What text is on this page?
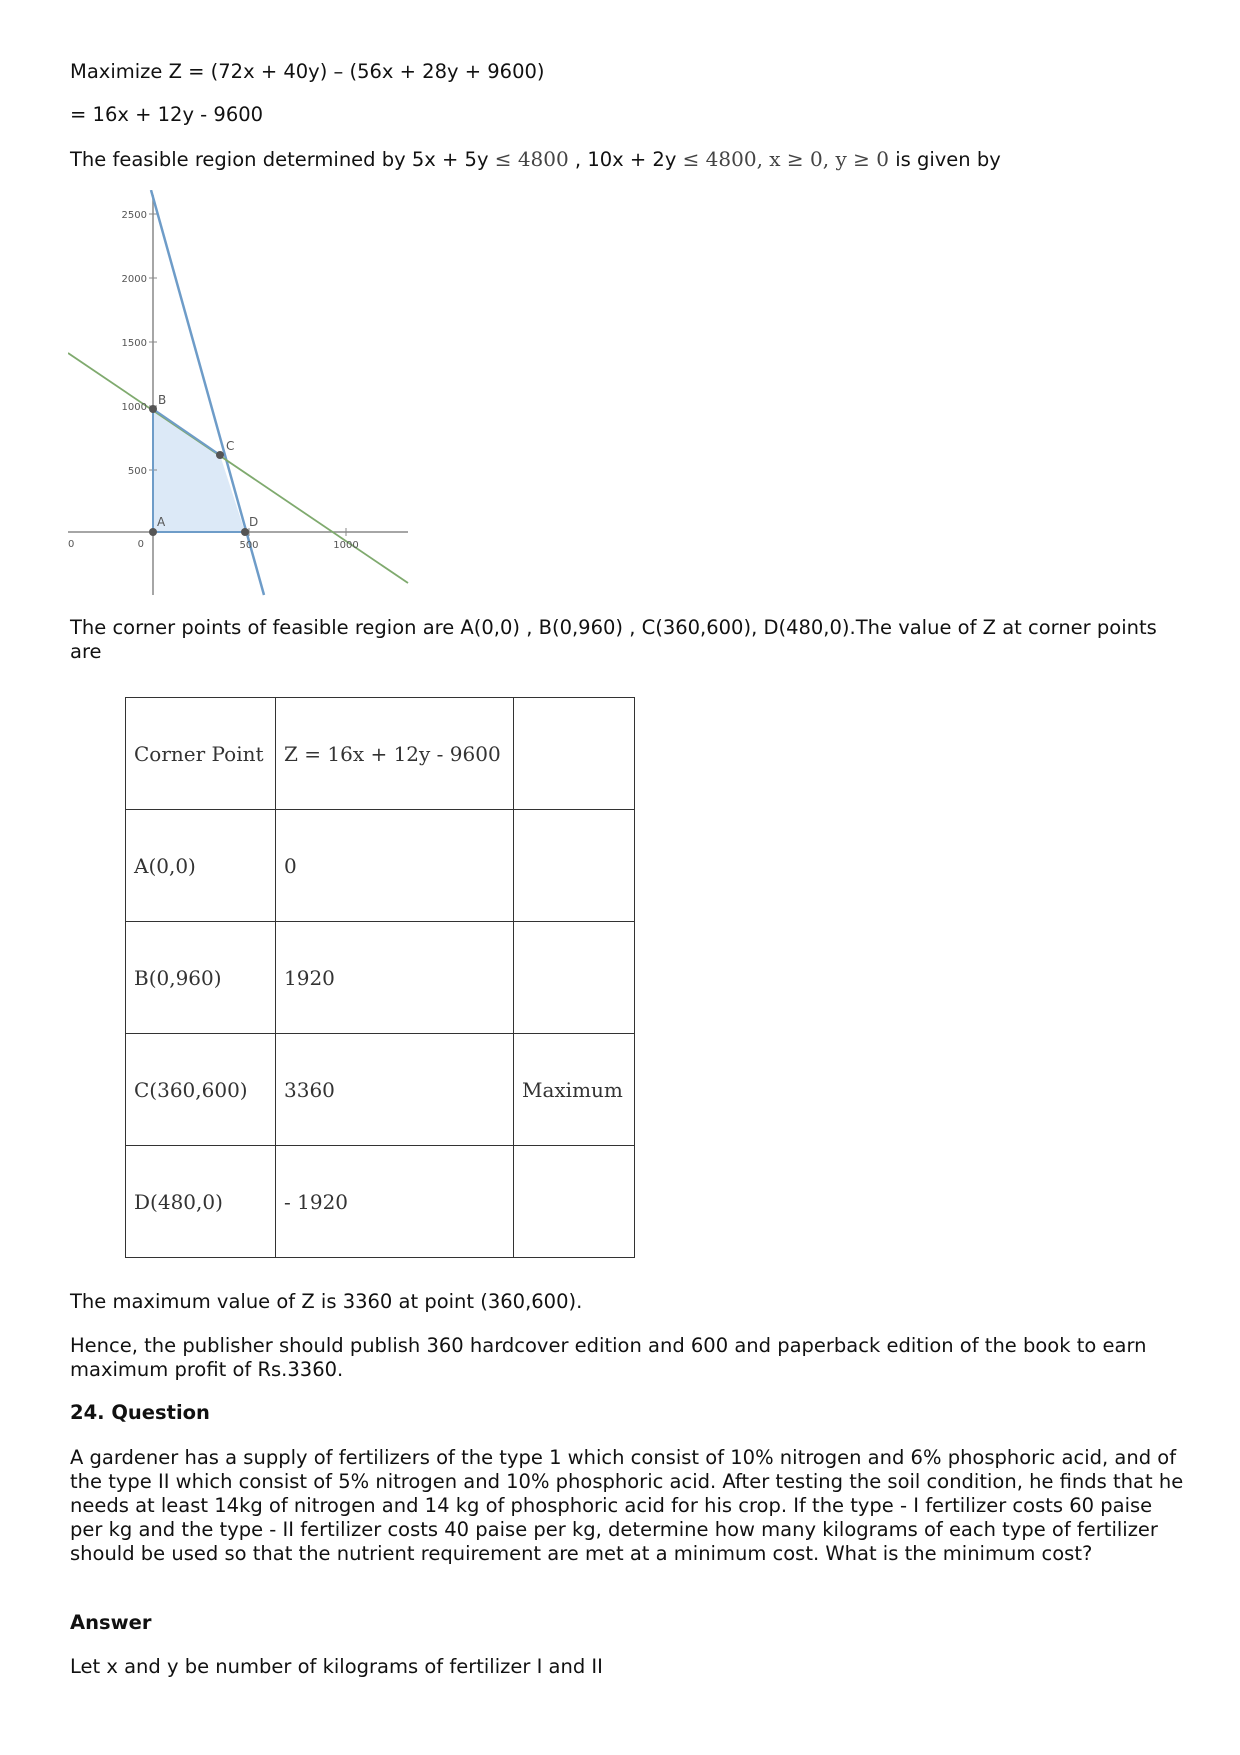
Maximize Z = (72x + 40y) – (56x + 28y + 9600)

= 16x + 12y - 9600

The feasible region determined by 5x + 5y ≤ 4800 , 10x + 2y ≤ 4800, x ≥ 0, y ≥ 0 is given by

2500
2000
1500
1000
500
0	500	1000
0
A
B
C
D

The corner points of feasible region are A(0,0) , B(0,960) , C(360,600), D(480,0).The value of Z at corner points are

Corner Point	Z = 16x + 12y - 9600	
A(0,0)	0	
B(0,960)	1920	
C(360,600)	3360	Maximum
D(480,0)	- 1920	

The maximum value of Z is 3360 at point (360,600).

Hence, the publisher should publish 360 hardcover edition and 600 and paperback edition of the book to earn maximum profit of Rs.3360.

24. Question

A gardener has a supply of fertilizers of the type 1 which consist of 10% nitrogen and 6% phosphoric acid, and of the type II which consist of 5% nitrogen and 10% phosphoric acid. After testing the soil condition, he finds that he needs at least 14kg of nitrogen and 14 kg of phosphoric acid for his crop. If the type - I fertilizer costs 60 paise per kg and the type - II fertilizer costs 40 paise per kg, determine how many kilograms of each type of fertilizer should be used so that the nutrient requirement are met at a minimum cost. What is the minimum cost?

Answer

Let x and y be number of kilograms of fertilizer I and II
